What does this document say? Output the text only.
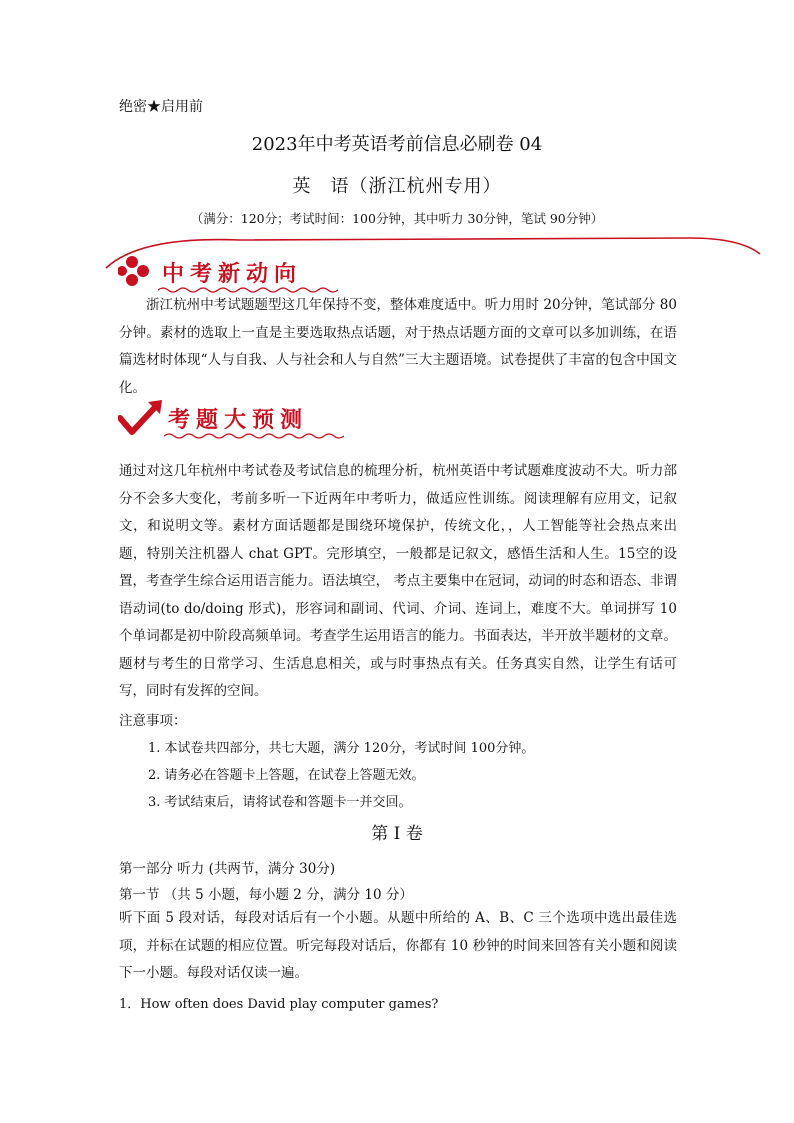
绝密★启用前
2023年中考英语考前信息必刷卷 04
英　语（浙江杭州专用）
（满分：120分；考试时间：100分钟，其中听力 30分钟，笔试 90分钟）
中考新动向
浙江杭州中考试题题型这几年保持不变，整体难度适中。听力用时 20分钟，笔试部分 80分钟。素材的选取上一直是主要选取热点话题，对于热点话题方面的文章可以多加训练，在语篇选材时体现“人与自我、人与社会和人与自然”三大主题语境。试卷提供了丰富的包含中国文化。
考题大预测
通过对这几年杭州中考试卷及考试信息的梳理分析，杭州英语中考试题难度波动不大。听力部分不会多大变化，考前多听一下近两年中考听力，做适应性训练。阅读理解有应用文，记叙文，和说明文等。素材方面话题都是围绕环境保护，传统文化，，人工智能等社会热点来出题，特别关注机器人 chat GPT。完形填空，一般都是记叙文，感悟生活和人生。15空的设置，考查学生综合运用语言能力。语法填空， 考点主要集中在冠词，动词的时态和语态、非谓语动词(to do/doing 形式)，形容词和副词、代词、介词、连词上，难度不大。单词拼写 10个单词都是初中阶段高频单词。考查学生运用语言的能力。书面表达，半开放半题材的文章。题材与考生的日常学习、生活息息相关，或与时事热点有关。任务真实自然，让学生有话可写，同时有发挥的空间。
注意事项：
1. 本试卷共四部分，共七大题，满分 120分，考试时间 100分钟。
2. 请务必在答题卡上答题，在试卷上答题无效。
3. 考试结束后，请将试卷和答题卡一并交回。
第 I 卷
第一部分 听力 (共两节，满分 30分)
第一节 （共 5 小题，每小题 2 分，满分 10 分）
听下面 5 段对话，每段对话后有一个小题。从题中所给的 A、B、C 三个选项中选出最佳选项，并标在试题的相应位置。听完每段对话后，你都有 10 秒钟的时间来回答有关小题和阅读下一小题。每段对话仅读一遍。
1．How often does David play computer games?
